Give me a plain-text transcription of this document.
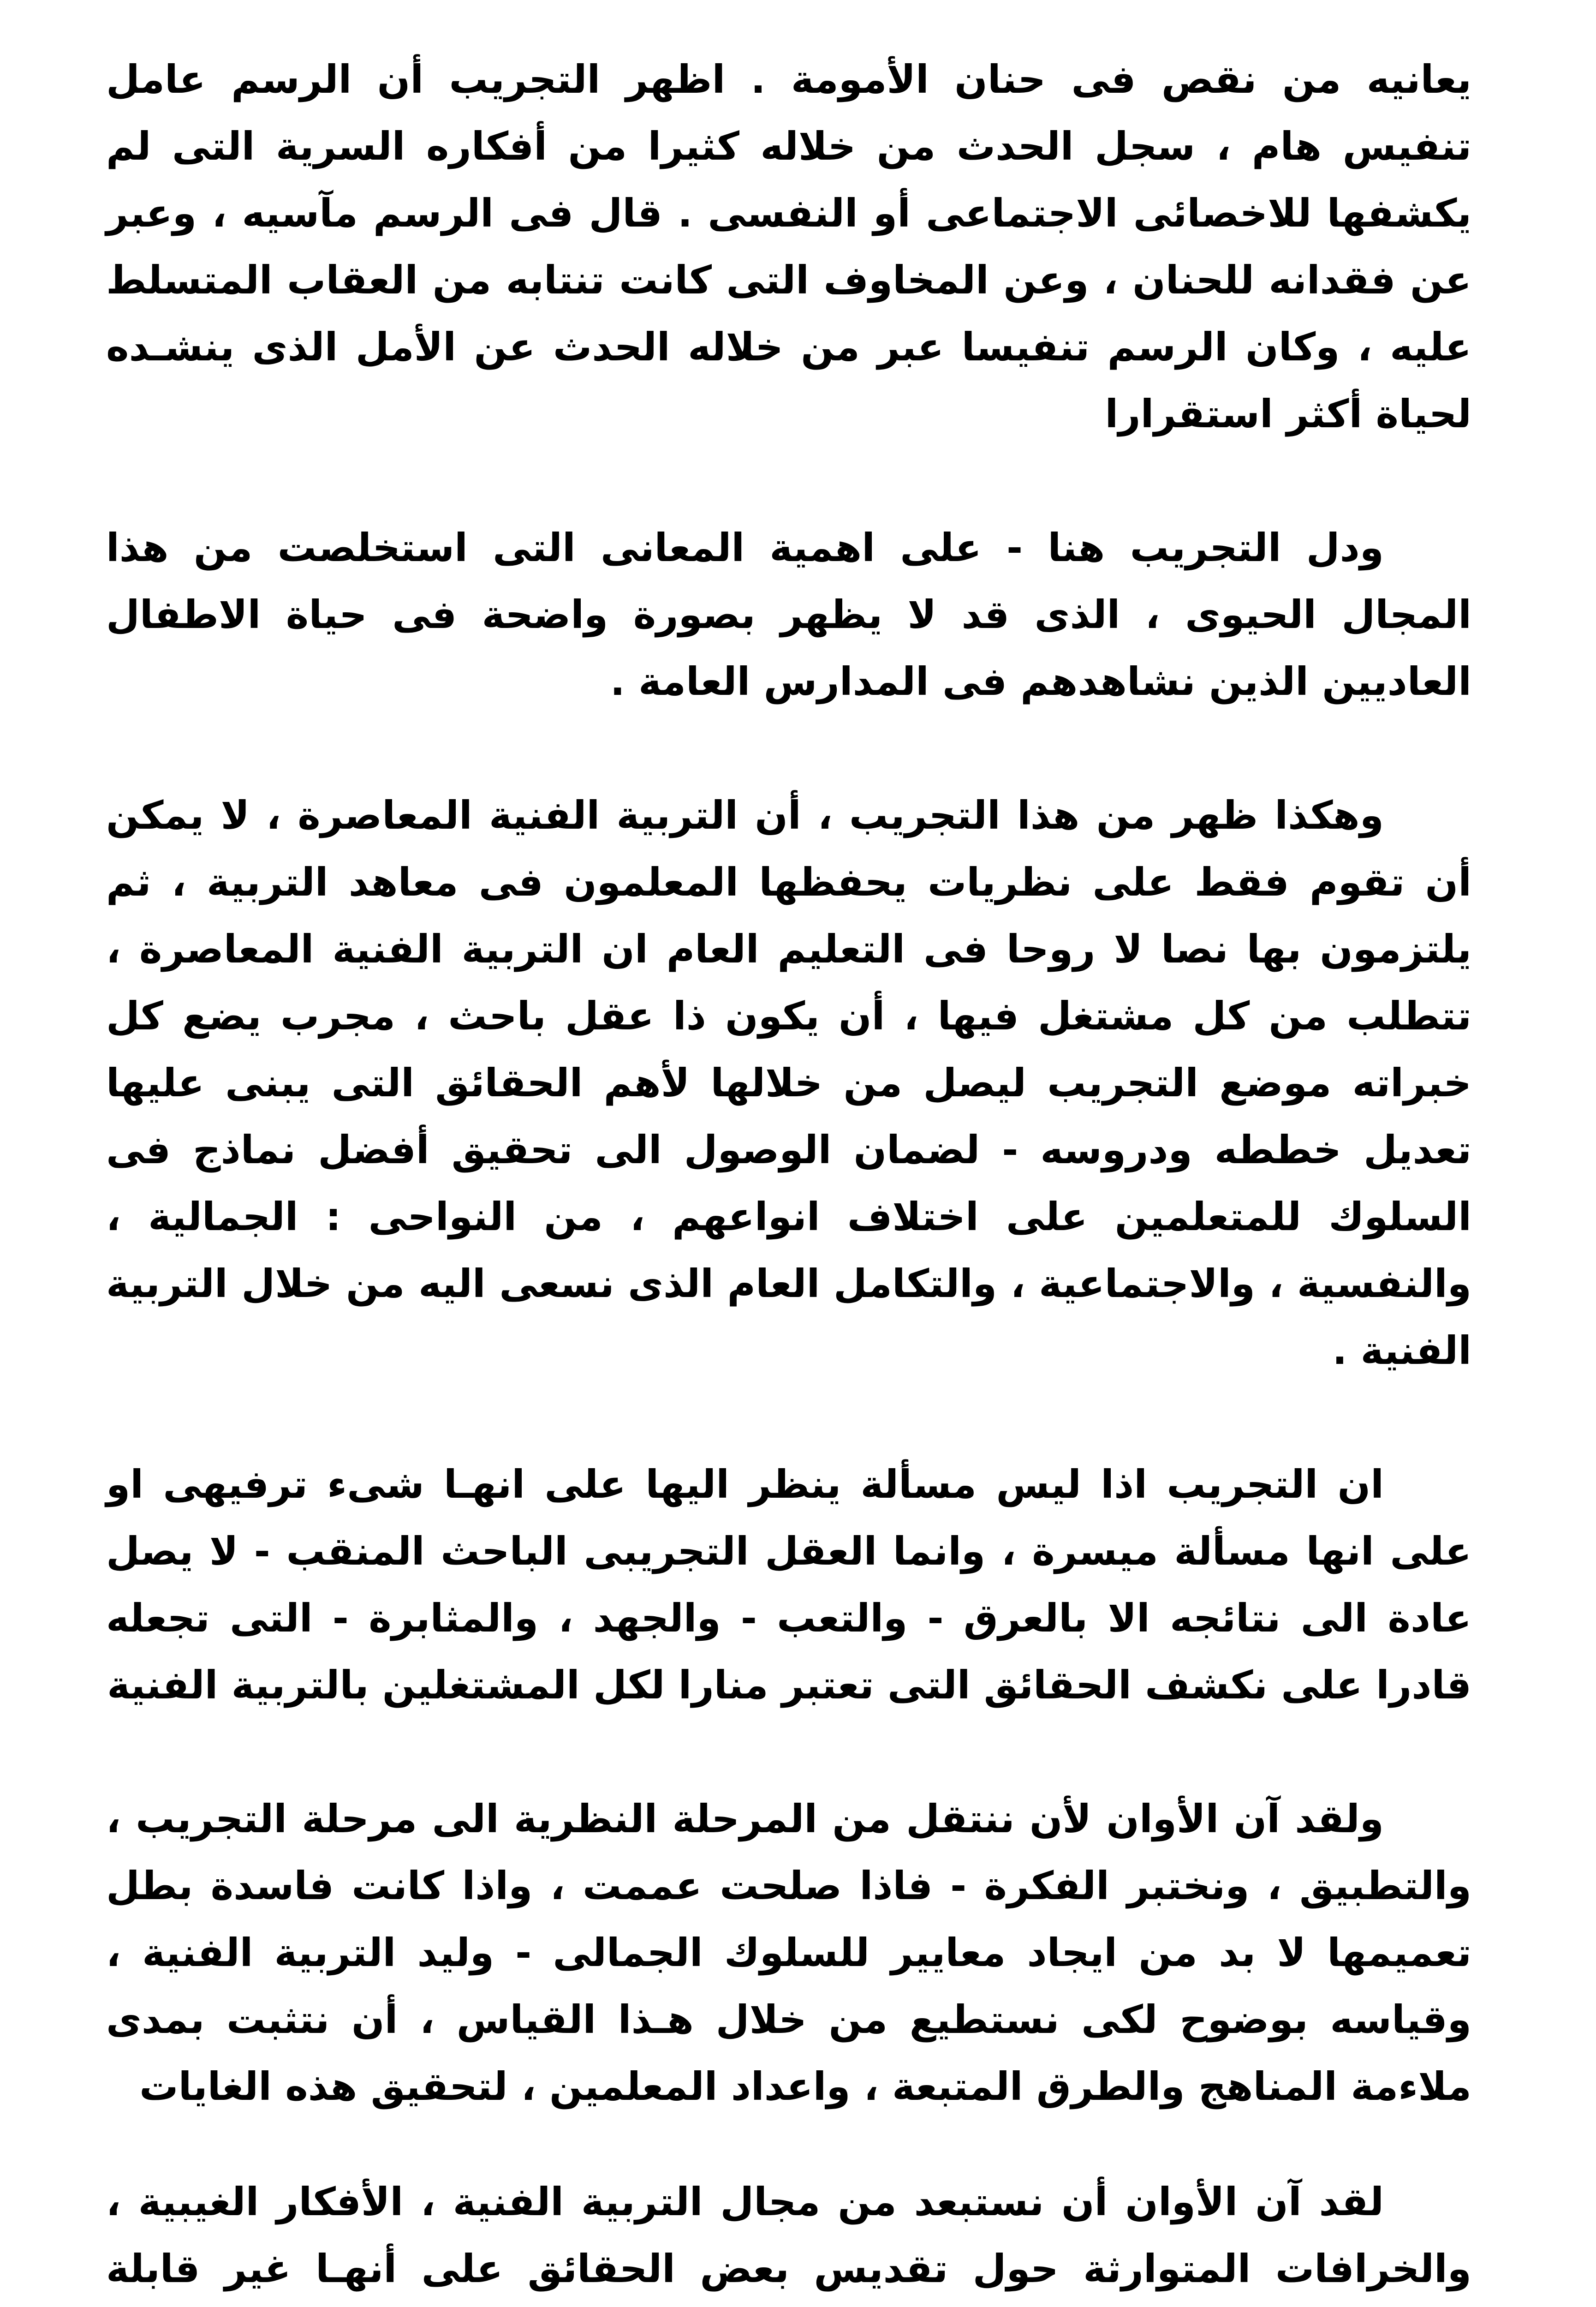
يعانيه من نقص فى حنان الأمومة . اظهر التجريب أن الرسم عامل تنفيس هام ، سجل الحدث من خلاله كثيرا من أفكاره السرية التى لم يكشفها للاخصائى الاجتماعى أو النفسى . قال فى الرسم مآسيه ، وعبر عن فقدانه للحنان ، وعن المخاوف التى كانت تنتابه من العقاب المتسلط عليه ، وكان الرسم تنفيسا عبر من خلاله الحدث عن الأمل الذى ينشـده لحياة أكثر استقرارا

ودل التجريب هنا - على اهمية المعانى التى استخلصت من هذا المجال الحيوى ، الذى قد لا يظهر بصورة واضحة فى حياة الاطفال العاديين الذين نشاهدهم فى المدارس العامة .

وهكذا ظهر من هذا التجريب ، أن التربية الفنية المعاصرة ، لا يمكن أن تقوم فقط على نظريات يحفظها المعلمون فى معاهد التربية ، ثم يلتزمون بها نصا لا روحا فى التعليم العام ان التربية الفنية المعاصرة ، تتطلب من كل مشتغل فيها ، أن يكون ذا عقل باحث ، مجرب يضع كل خبراته موضع التجريب ليصل من خلالها لأهم الحقائق التى يبنى عليها تعديل خططه ودروسه - لضمان الوصول الى تحقيق أفضل نماذج فى السلوك للمتعلمين على اختلاف انواعهم ، من النواحى : الجمالية ، والنفسية ، والاجتماعية ، والتكامل العام الذى نسعى اليه من خلال التربية الفنية .

ان التجريب اذا ليس مسألة ينظر اليها على انهـا شىء ترفيهى او على انها مسألة ميسرة ، وانما العقل التجريبى الباحث المنقب - لا يصل عادة الى نتائجه الا بالعرق - والتعب - والجهد ، والمثابرة - التى تجعله قادرا على نكشف الحقائق التى تعتبر منارا لكل المشتغلين بالتربية الفنية

ولقد آن الأوان لأن ننتقل من المرحلة النظرية الى مرحلة التجريب ، والتطبيق ، ونختبر الفكرة - فاذا صلحت عممت ، واذا كانت فاسدة بطل تعميمها لا بد من ايجاد معايير للسلوك الجمالى - وليد التربية الفنية ، وقياسه بوضوح لكى نستطيع من خلال هـذا القياس ، أن نتثبت بمدى ملاءمة المناهج والطرق المتبعة ، واعداد المعلمين ، لتحقيق هذه الغايات

لقد آن الأوان أن نستبعد من مجال التربية الفنية ، الأفكار الغيبية ، والخرافات المتوارثة حول تقديس بعض الحقائق على أنهـا غير قابلة
